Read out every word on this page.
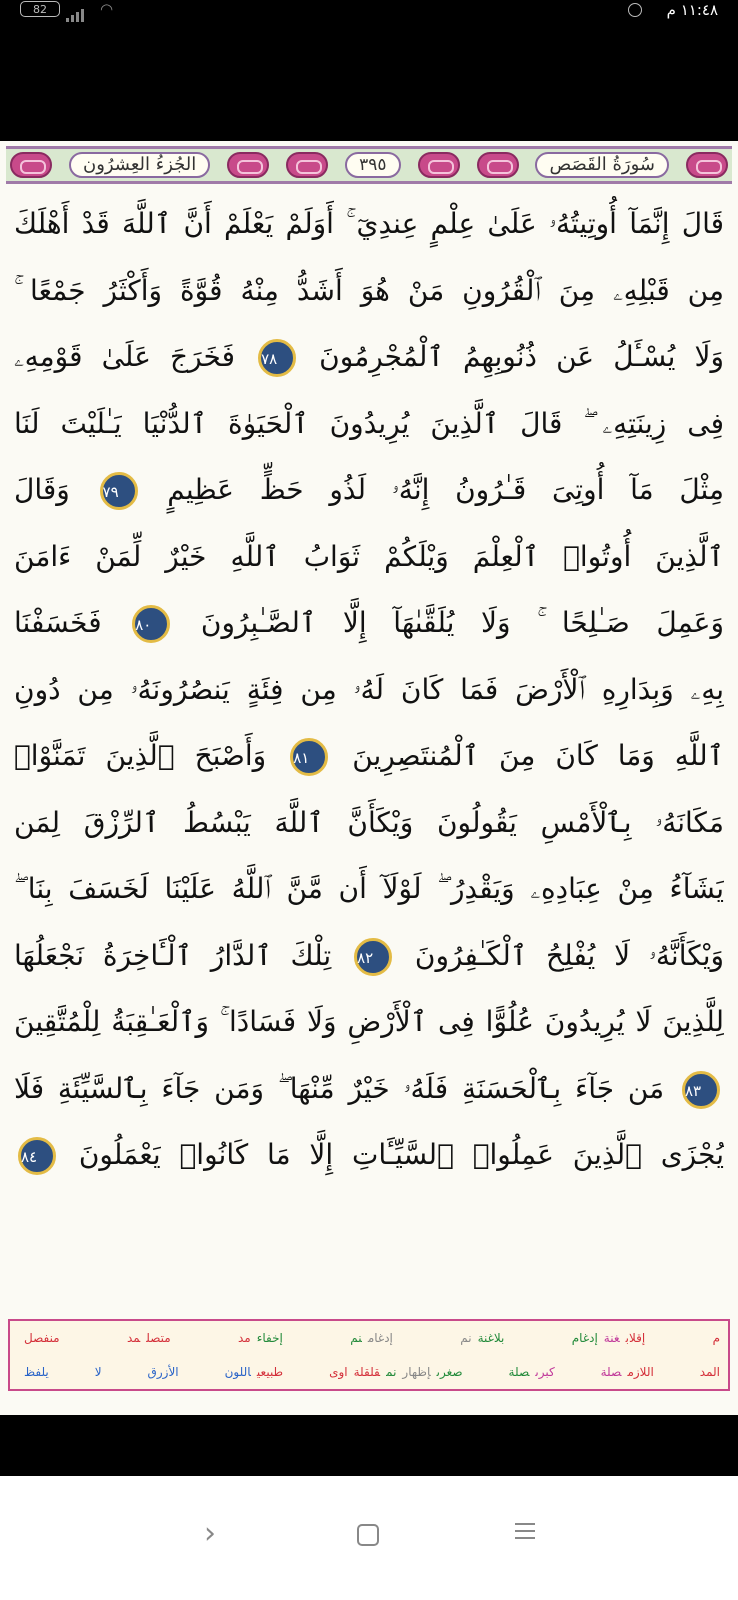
82	◠	١١:٤٨ م
الجُزءُ العِشرُون	٣٩٥	سُورَةُ القَصَص
قَالَ إِنَّمَآ أُوتِيتُهُۥ عَلَىٰ عِلْمٍ عِندِيٓ ۚ أَوَلَمْ يَعْلَمْ أَنَّ ٱللَّهَ قَدْ أَهْلَكَ
مِن قَبْلِهِۦ مِنَ ٱلْقُرُونِ مَنْ هُوَ أَشَدُّ مِنْهُ قُوَّةً وَأَكْثَرُ جَمْعًا ۚ
وَلَا يُسْـَٔلُ عَن ذُنُوبِهِمُ ٱلْمُجْرِمُونَ ٧٨ فَخَرَجَ عَلَىٰ قَوْمِهِۦ
فِى زِينَتِهِۦ ۖ قَالَ ٱلَّذِينَ يُرِيدُونَ ٱلْحَيَوٰةَ ٱلدُّنْيَا يَـٰلَيْتَ لَنَا
مِثْلَ مَآ أُوتِىَ قَـٰرُونُ إِنَّهُۥ لَذُو حَظٍّ عَظِيمٍ ٧٩ وَقَالَ
ٱلَّذِينَ أُوتُوا۟ ٱلْعِلْمَ وَيْلَكُمْ ثَوَابُ ٱللَّهِ خَيْرٌ لِّمَنْ ءَامَنَ
وَعَمِلَ صَـٰلِحًا ۚ وَلَا يُلَقَّىٰهَآ إِلَّا ٱلصَّـٰبِرُونَ ٨٠ فَخَسَفْنَا
بِهِۦ وَبِدَارِهِ ٱلْأَرْضَ فَمَا كَانَ لَهُۥ مِن فِئَةٍ يَنصُرُونَهُۥ مِن دُونِ
ٱللَّهِ وَمَا كَانَ مِنَ ٱلْمُنتَصِرِينَ ٨١ وَأَصْبَحَ ٱلَّذِينَ تَمَنَّوْا۟
مَكَانَهُۥ بِٱلْأَمْسِ يَقُولُونَ وَيْكَأَنَّ ٱللَّهَ يَبْسُطُ ٱلرِّزْقَ لِمَن
يَشَآءُ مِنْ عِبَادِهِۦ وَيَقْدِرُ ۖ لَوْلَآ أَن مَّنَّ ٱللَّهُ عَلَيْنَا لَخَسَفَ بِنَا ۖ
وَيْكَأَنَّهُۥ لَا يُفْلِحُ ٱلْكَـٰفِرُونَ ٨٢ تِلْكَ ٱلدَّارُ ٱلْـَٔاخِرَةُ نَجْعَلُهَا
لِلَّذِينَ لَا يُرِيدُونَ عُلُوًّا فِى ٱلْأَرْضِ وَلَا فَسَادًا ۚ وَٱلْعَـٰقِبَةُ لِلْمُتَّقِينَ
٨٣ مَن جَآءَ بِٱلْحَسَنَةِ فَلَهُۥ خَيْرٌ مِّنْهَا ۖ وَمَن جَآءَ بِٱلسَّيِّئَةِ فَلَا
يُجْزَى ٱلَّذِينَ عَمِلُوا۟ ٱلسَّيِّـَٔاتِ إِلَّا مَا كَانُوا۟ يَعْمَلُونَ ٨٤
م إقلابغنةإدغام بلاغنةنم إدغامنم إخفاءمد متصلمد منفصل
المد اللازمصلة كبرىصلة صغرىإظهارنمقلقلةاوى طبيعياللون الأزرق لا يلفظ
›
